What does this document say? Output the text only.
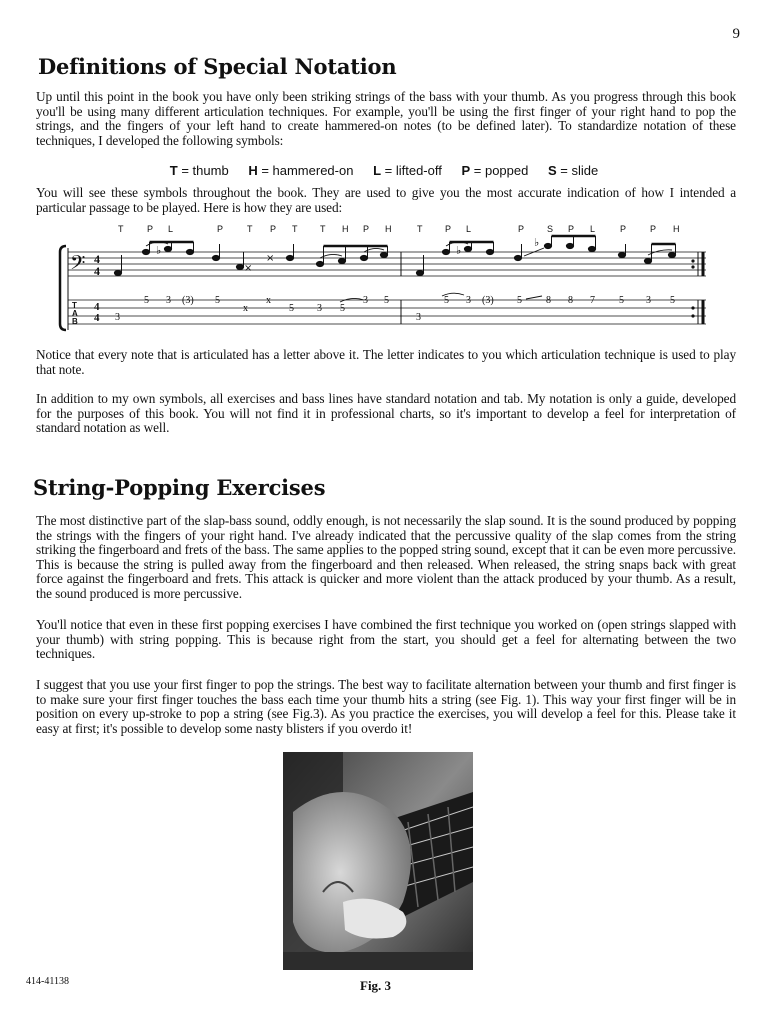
9
Definitions of Special Notation
Up until this point in the book you have only been striking strings of the bass with your thumb. As you progress through this book you'll be using many different articulation techniques. For example, you'll be using the first finger of your right hand to pop the strings, and the fingers of your left hand to create hammered-on notes (to be defined later). To standardize notation of these techniques, I developed the following symbols:
T = thumb H = hammered-on L = lifted-off P = popped S = slide
You will see these symbols throughout the book. They are used to give you the most accurate indication of how I intended a particular passage to be played. Here is how they are used:
T	P L	P	T P T	T H P H	T	P L	P	S P L	P	P H
𝄢 4
4
♭
×
×
♭
♭
T
A
B
4
4 3
5 3 (3) 5
x
x
5 3 5
3 5
3
5 3 (3) 5 8 8 7 5 3 5
Notice that every note that is articulated has a letter above it. The letter indicates to you which articulation technique is used to play that note.
In addition to my own symbols, all exercises and bass lines have standard notation and tab. My notation is only a guide, developed for the purposes of this book. You will not find it in professional charts, so it's important to develop a feel for interpretation of standard notation as well.
String-Popping Exercises
The most distinctive part of the slap-bass sound, oddly enough, is not necessarily the slap sound. It is the sound produced by popping the strings with the fingers of your right hand. I've already indicated that the percussive quality of the slap comes from the string striking the fingerboard and frets of the bass. The same applies to the popped string sound, except that it can be even more percussive. This is because the string is pulled away from the fingerboard and then released. When released, the string snaps back with great force against the fingerboard and frets. This attack is quicker and more violent than the attack produced by your thumb. As a result, the sound produced is more percussive.
You'll notice that even in these first popping exercises I have combined the first technique you worked on (open strings slapped with your thumb) with string popping. This is because right from the start, you should get a feel for alternating between the two techniques.
I suggest that you use your first finger to pop the strings. The best way to facilitate alternation between your thumb and first finger is to make sure your first finger touches the bass each time your thumb hits a string (see Fig. 1). This way your first finger will be in position on every up-stroke to pop a string (see Fig.3). As you practice the exercises, you will develop a feel for this. Please take it easy at first; it's possible to develop some nasty blisters if you overdo it!
Fig. 3
414-41138
